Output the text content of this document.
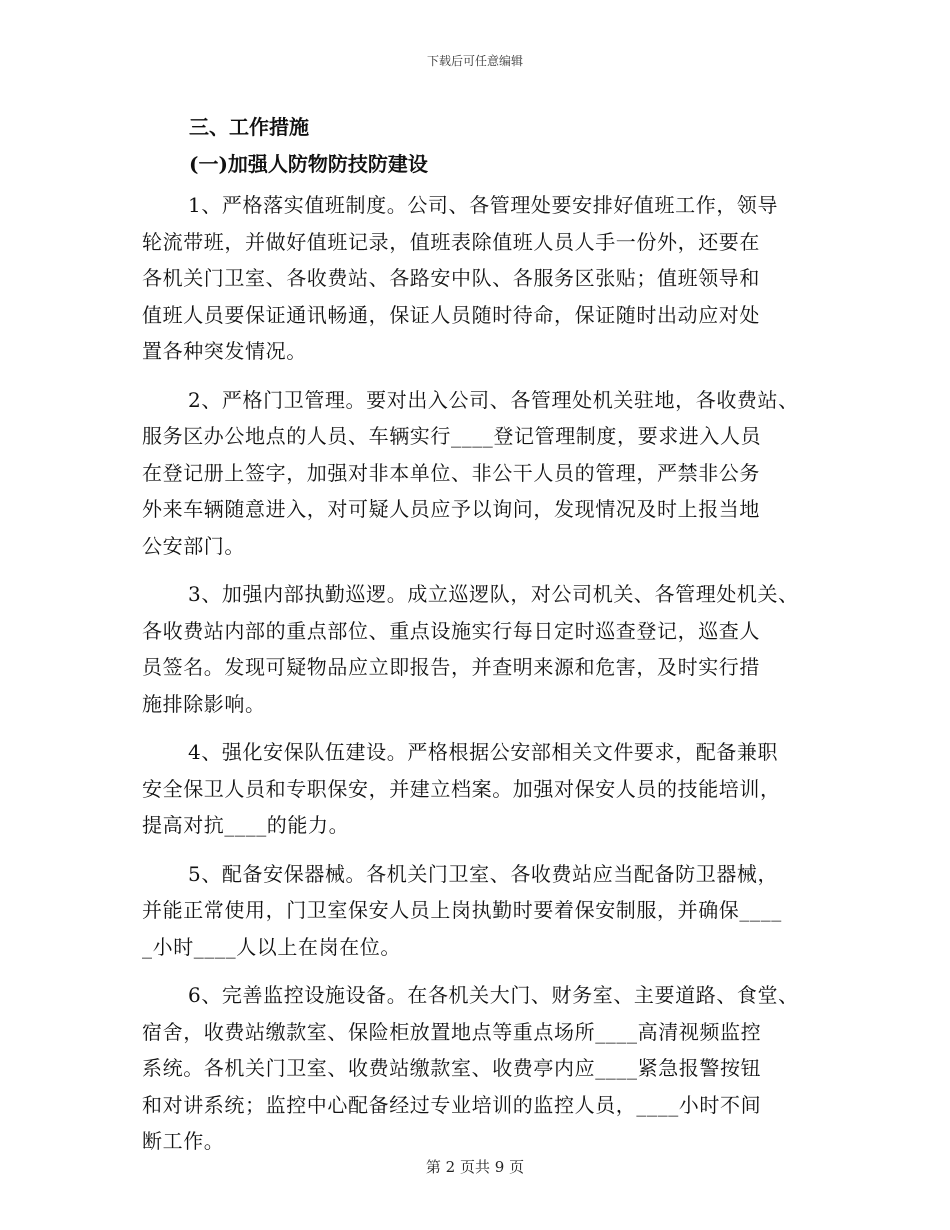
下载后可任意编辑
三、工作措施
(一)加强人防物防技防建设
1、严格落实值班制度。公司、各管理处要安排好值班工作，领导
轮流带班，并做好值班记录，值班表除值班人员人手一份外，还要在
各机关门卫室、各收费站、各路安中队、各服务区张贴；值班领导和
值班人员要保证通讯畅通，保证人员随时待命，保证随时出动应对处
置各种突发情况。
2、严格门卫管理。要对出入公司、各管理处机关驻地，各收费站、
服务区办公地点的人员、车辆实行____登记管理制度，要求进入人员
在登记册上签字，加强对非本单位、非公干人员的管理，严禁非公务
外来车辆随意进入，对可疑人员应予以询问，发现情况及时上报当地
公安部门。
3、加强内部执勤巡逻。成立巡逻队，对公司机关、各管理处机关、
各收费站内部的重点部位、重点设施实行每日定时巡查登记，巡查人
员签名。发现可疑物品应立即报告，并查明来源和危害，及时实行措
施排除影响。
4、强化安保队伍建设。严格根据公安部相关文件要求，配备兼职
安全保卫人员和专职保安，并建立档案。加强对保安人员的技能培训，
提高对抗____的能力。
5、配备安保器械。各机关门卫室、各收费站应当配备防卫器械，
并能正常使用，门卫室保安人员上岗执勤时要着保安制服，并确保____
_小时____人以上在岗在位。
6、完善监控设施设备。在各机关大门、财务室、主要道路、食堂、
宿舍，收费站缴款室、保险柜放置地点等重点场所____高清视频监控
系统。各机关门卫室、收费站缴款室、收费亭内应____紧急报警按钮
和对讲系统；监控中心配备经过专业培训的监控人员，____小时不间
断工作。
第 2 页共 9 页
